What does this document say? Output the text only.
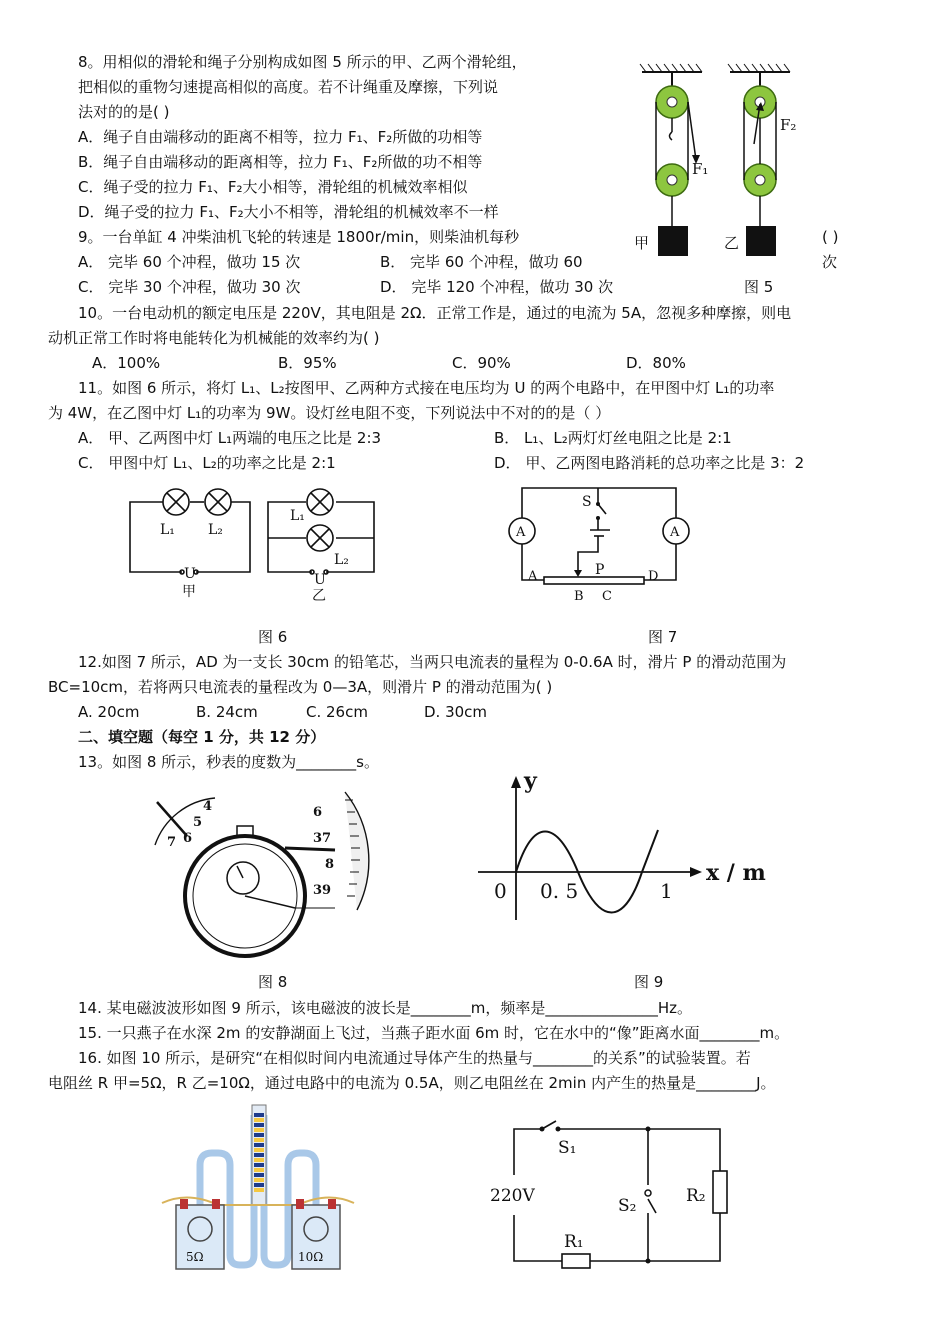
8。用相似的滑轮和绳子分别构成如图 5 所示的甲、乙两个滑轮组，
把相似的重物匀速提高相似的高度。若不计绳重及摩擦，下列说
法对的的是( )
A．绳子自由端移动的距离不相等，拉力 F₁、F₂所做的功相等
B．绳子自由端移动的距离相等，拉力 F₁、F₂所做的功不相等
C．绳子受的拉力 F₁、F₂大小相等，滑轮组的机械效率相似
D．绳子受的拉力 F₁、F₂大小不相等，滑轮组的机械效率不一样
9。一台单缸 4 冲柴油机飞轮的转速是 1800r/min，则柴油机每秒	( )
A． 完毕 60 个冲程，做功 15 次	B． 完毕 60 个冲程，做功 60	次
C． 完毕 30 个冲程，做功 30 次	D． 完毕 120 个冲程，做功 30 次
F₁
甲
F₂
乙
图 5
10。一台电动机的额定电压是 220V，其电阻是 2Ω．正常工作是，通过的电流为 5A，忽视多种摩擦，则电
动机正常工作时将电能转化为机械能的效率约为( )
A．100%	B．95%	C．90%	D．80%
11。如图 6 所示，将灯 L₁、L₂按图甲、乙两种方式接在电压均为 U 的两个电路中，在甲图中灯 L₁的功率
为 4W，在乙图中灯 L₁的功率为 9W。设灯丝电阻不变，下列说法中不对的的是（ ）
A． 甲、乙两图中灯 L₁两端的电压之比是 2:3	B． L₁、L₂两灯灯丝电阻之比是 2:1
C． 甲图中灯 L₁、L₂的功率之比是 2:1	D． 甲、乙两图电路消耗的总功率之比是 3：2
L₁ L₂
L₁
L₂
U	U
甲	乙
图 6
A	A
S
P
A	D
B C
图 7
12.如图 7 所示，AD 为一支长 30cm 的铅笔芯，当两只电流表的量程为 0-0.6A 时，滑片 P 的滑动范围为
BC=10cm，若将两只电流表的量程改为 0—3A，则滑片 P 的滑动范围为( )
A. 20cm	B. 24cm	C. 26cm	D. 30cm
二、填空题（每空 1 分，共 12 分）
13。如图 8 所示，秒表的度数为________s。
4
5
6
7
6
37
8
39
图 8
y
x / m
0 0. 5	1
图 9
14. 某电磁波波形如图 9 所示，该电磁波的波长是________m，频率是_______________Hz。
15. 一只燕子在水深 2m 的安静湖面上飞过，当燕子距水面 6m 时，它在水中的“像”距离水面________m。
16. 如图 10 所示，是研究“在相似时间内电流通过导体产生的热量与________的关系”的试验装置。若
电阻丝 R 甲=5Ω，R 乙=10Ω，通过电路中的电流为 0.5A，则乙电阻丝在 2min 内产生的热量是________J。
5Ω	10Ω
220V
S₁
S₂	R₂
R₁
